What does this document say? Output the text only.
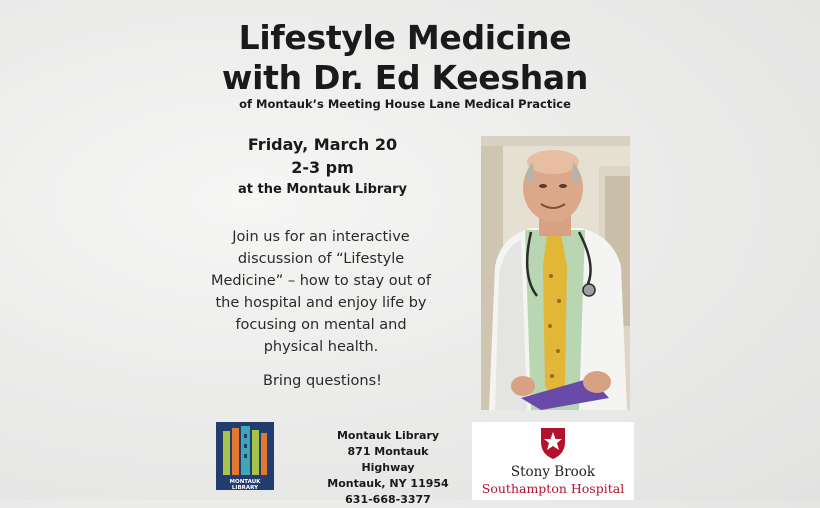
Lifestyle Medicine
with Dr. Ed Keeshan
of Montauk’s Meeting House Lane Medical Practice
Friday, March 20
2-3 pm
at the Montauk Library
Join us for an interactive
discussion of “Lifestyle
Medicine” – how to stay out of
the hospital and enjoy life by
focusing on mental and
physical health.
Bring questions!
MONTAUK
LIBRARY
Montauk Library
871 Montauk Highway
Montauk, NY 11954
631-668-3377
Stony Brook
Southampton Hospital
